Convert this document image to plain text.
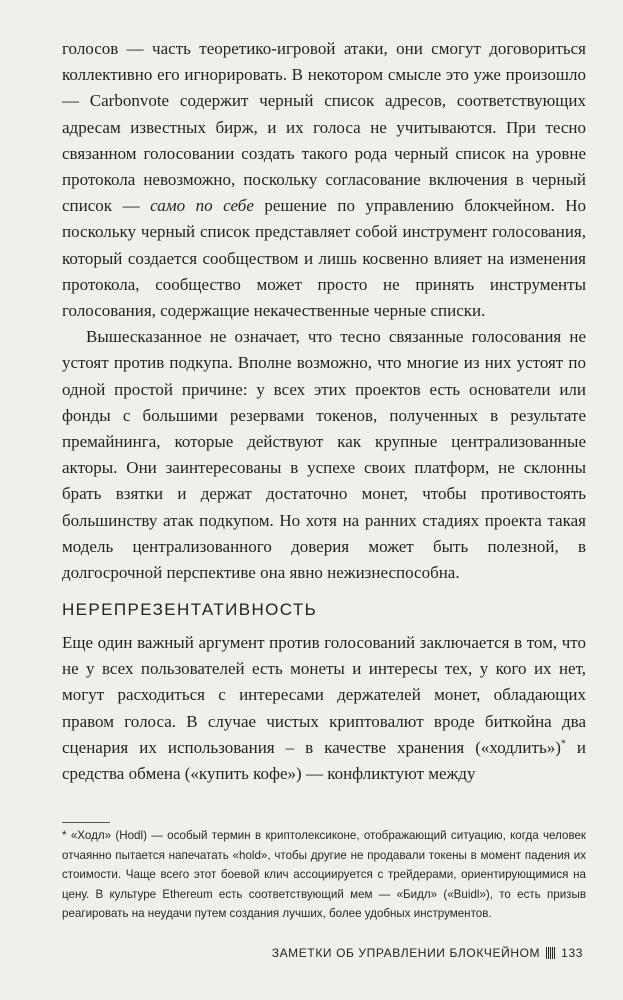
голосов — часть теоретико-игровой атаки, они смогут договориться коллективно его игнорировать. В некотором смысле это уже произошло — Carbonvote содержит черный список адресов, соответствующих адресам известных бирж, и их голоса не учитываются. При тесно связанном голосовании создать такого рода черный список на уровне протокола невозможно, поскольку согласование включения в черный список — само по себе решение по управлению блокчейном. Но поскольку черный список представляет собой инструмент голосования, который создается сообществом и лишь косвенно влияет на изменения протокола, сообщество может просто не принять инструменты голосования, содержащие некачественные черные списки.

Вышесказанное не означает, что тесно связанные голосования не устоят против подкупа. Вполне возможно, что многие из них устоят по одной простой причине: у всех этих проектов есть основатели или фонды с большими резервами токенов, полученных в результате премайнинга, которые действуют как крупные централизованные акторы. Они заинтересованы в успехе своих платформ, не склонны брать взятки и держат достаточно монет, чтобы противостоять большинству атак подкупом. Но хотя на ранних стадиях проекта такая модель централизованного доверия может быть полезной, в долгосрочной перспективе она явно нежизнеспособна.

НЕРЕПРЕЗЕНТАТИВНОСТЬ

Еще один важный аргумент против голосований заключается в том, что не у всех пользователей есть монеты и интересы тех, у кого их нет, могут расходиться с интересами держателей монет, обладающих правом голоса. В случае чистых криптовалют вроде биткойна два сценария их использования – в качестве хранения («ходлить»)* и средства обмена («купить кофе») — конфликтуют между

* «Ходл» (Hodl) — особый термин в криптолексиконе, отображающий ситуацию, когда человек отчаянно пытается напечатать «hold», чтобы другие не продавали токены в момент падения их стоимости. Чаще всего этот боевой клич ассоциируется с трейдерами, ориентирующимися на цену. В культуре Ethereum есть соответствующий мем — «Бидл» («Buidl»), то есть призыв реагировать на неудачи путем создания лучших, более удобных инструментов.

ЗАМЕТКИ ОБ УПРАВЛЕНИИ БЛОКЧЕЙНОМ 133
